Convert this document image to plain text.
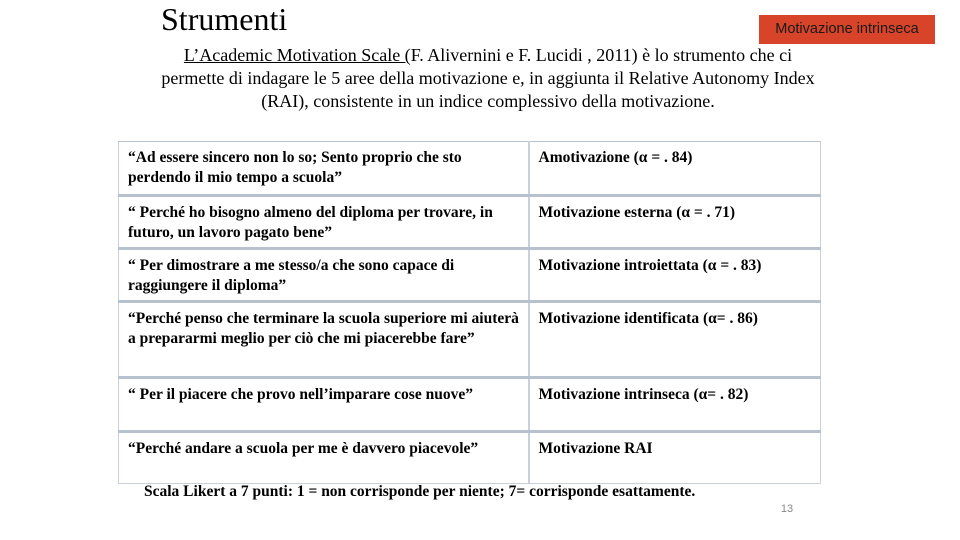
Strumenti	Motivazione intrinseca
L’Academic Motivation Scale (F. Alivernini e F. Lucidi , 2011) è lo strumento che ci permette di indagare le 5 aree della motivazione e, in aggiunta il Relative Autonomy Index (RAI), consistente in un indice complessivo della motivazione.
“Ad essere sincero non lo so; Sento proprio che sto perdendo il mio tempo a scuola”	Amotivazione (α = . 84)
“ Perché ho bisogno almeno del diploma per trovare, in futuro, un lavoro pagato bene”	Motivazione esterna (α = . 71)
“ Per dimostrare a me stesso/a che sono capace di raggiungere il diploma”	Motivazione introiettata (α = . 83)
“Perché penso che terminare la scuola superiore mi aiuterà a prepararmi meglio per ciò che mi piacerebbe fare”	Motivazione identificata (α= . 86)
“ Per il piacere che provo nell’imparare cose nuove”	Motivazione intrinseca (α= . 82)
“Perché andare a scuola per me è davvero piacevole”	Motivazione RAI
Scala Likert a 7 punti: 1 = non corrisponde per niente; 7= corrisponde esattamente.
13
